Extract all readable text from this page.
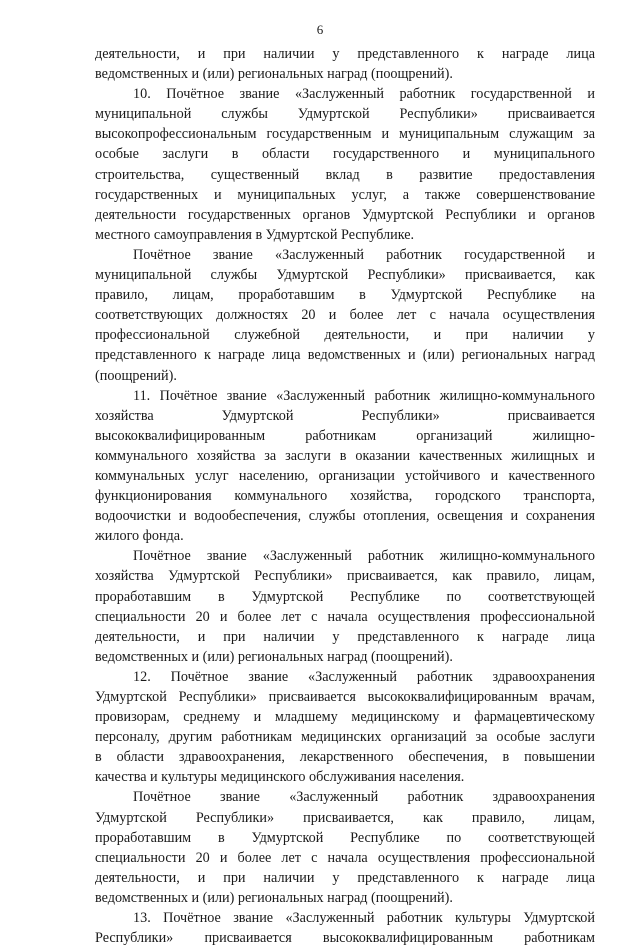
6
деятельности, и при наличии у представленного к награде лица
ведомственных и (или) региональных наград (поощрений).
10. Почётное звание «Заслуженный работник государственной и
муниципальной службы Удмуртской Республики» присваивается
высокопрофессиональным государственным и муниципальным служащим за
особые заслуги в области государственного и муниципального
строительства, существенный вклад в развитие предоставления
государственных и муниципальных услуг, а также совершенствование
деятельности государственных органов Удмуртской Республики и органов
местного самоуправления в Удмуртской Республике.
Почётное звание «Заслуженный работник государственной и
муниципальной службы Удмуртской Республики» присваивается, как
правило, лицам, проработавшим в Удмуртской Республике на
соответствующих должностях 20 и более лет с начала осуществления
профессиональной служебной деятельности, и при наличии у
представленного к награде лица ведомственных и (или) региональных наград
(поощрений).
11. Почётное звание «Заслуженный работник жилищно-коммунального
хозяйства Удмуртской Республики» присваивается
высококвалифицированным работникам организаций жилищно-
коммунального хозяйства за заслуги в оказании качественных жилищных и
коммунальных услуг населению, организации устойчивого и качественного
функционирования коммунального хозяйства, городского транспорта,
водоочистки и водообеспечения, службы отопления, освещения и сохранения
жилого фонда.
Почётное звание «Заслуженный работник жилищно-коммунального
хозяйства Удмуртской Республики» присваивается, как правило, лицам,
проработавшим в Удмуртской Республике по соответствующей
специальности 20 и более лет с начала осуществления профессиональной
деятельности, и при наличии у представленного к награде лица
ведомственных и (или) региональных наград (поощрений).
12. Почётное звание «Заслуженный работник здравоохранения
Удмуртской Республики» присваивается высококвалифицированным врачам,
провизорам, среднему и младшему медицинскому и фармацевтическому
персоналу, другим работникам медицинских организаций за особые заслуги
в области здравоохранения, лекарственного обеспечения, в повышении
качества и культуры медицинского обслуживания населения.
Почётное звание «Заслуженный работник здравоохранения
Удмуртской Республики» присваивается, как правило, лицам,
проработавшим в Удмуртской Республике по соответствующей
специальности 20 и более лет с начала осуществления профессиональной
деятельности, и при наличии у представленного к награде лица
ведомственных и (или) региональных наград (поощрений).
13. Почётное звание «Заслуженный работник культуры Удмуртской
Республики» присваивается высококвалифицированным работникам
